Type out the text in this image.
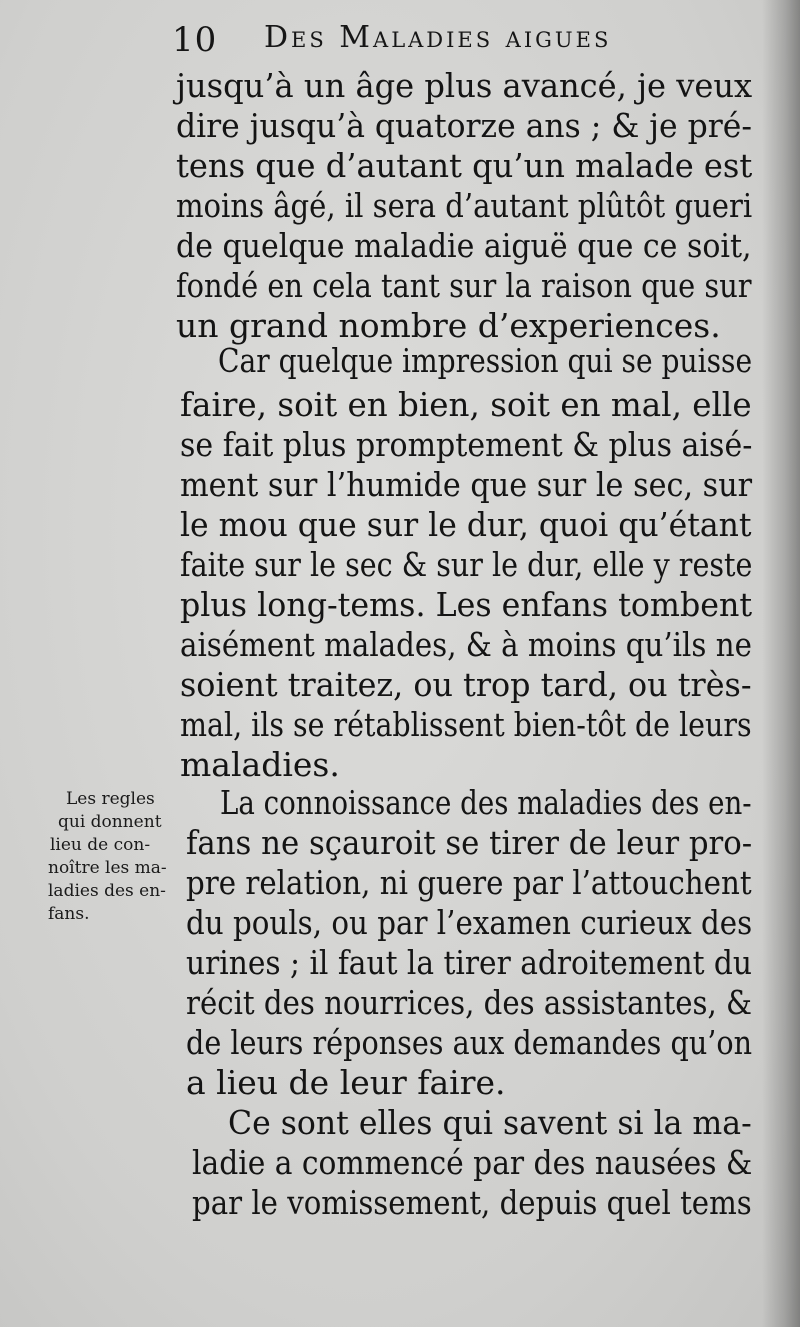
10 Des Maladies aigues

jusqu’à un âge plus avancé, je veux

dire jusqu’à quatorze ans ; & je pré-

tens que d’autant qu’un malade est

moins âgé, il sera d’autant plûtôt gueri

de quelque maladie aiguë que ce soit,

fondé en cela tant sur la raison que sur

un grand nombre d’experiences.

Car quelque impression qui se puisse

faire, soit en bien, soit en mal, elle

se fait plus promptement & plus aisé-

ment sur l’humide que sur le sec, sur

le mou que sur le dur, quoi qu’étant

faite sur le sec & sur le dur, elle y reste

plus long-tems. Les enfans tombent

aisément malades, & à moins qu’ils ne

soient traitez, ou trop tard, ou très-

mal, ils se rétablissent bien-tôt de leurs

maladies.

La connoissance des maladies des en-

fans ne sçauroit se tirer de leur pro-

pre relation, ni guere par l’attouchent

du pouls, ou par l’examen curieux des

urines ; il faut la tirer adroitement du

récit des nourrices, des assistantes, &

de leurs réponses aux demandes qu’on

a lieu de leur faire.

Ce sont elles qui savent si la ma-

ladie a commencé par des nausées &

par le vomissement, depuis quel tems

Les regles

qui donnent

lieu de con-

noître les ma-

ladies des en-

fans.
